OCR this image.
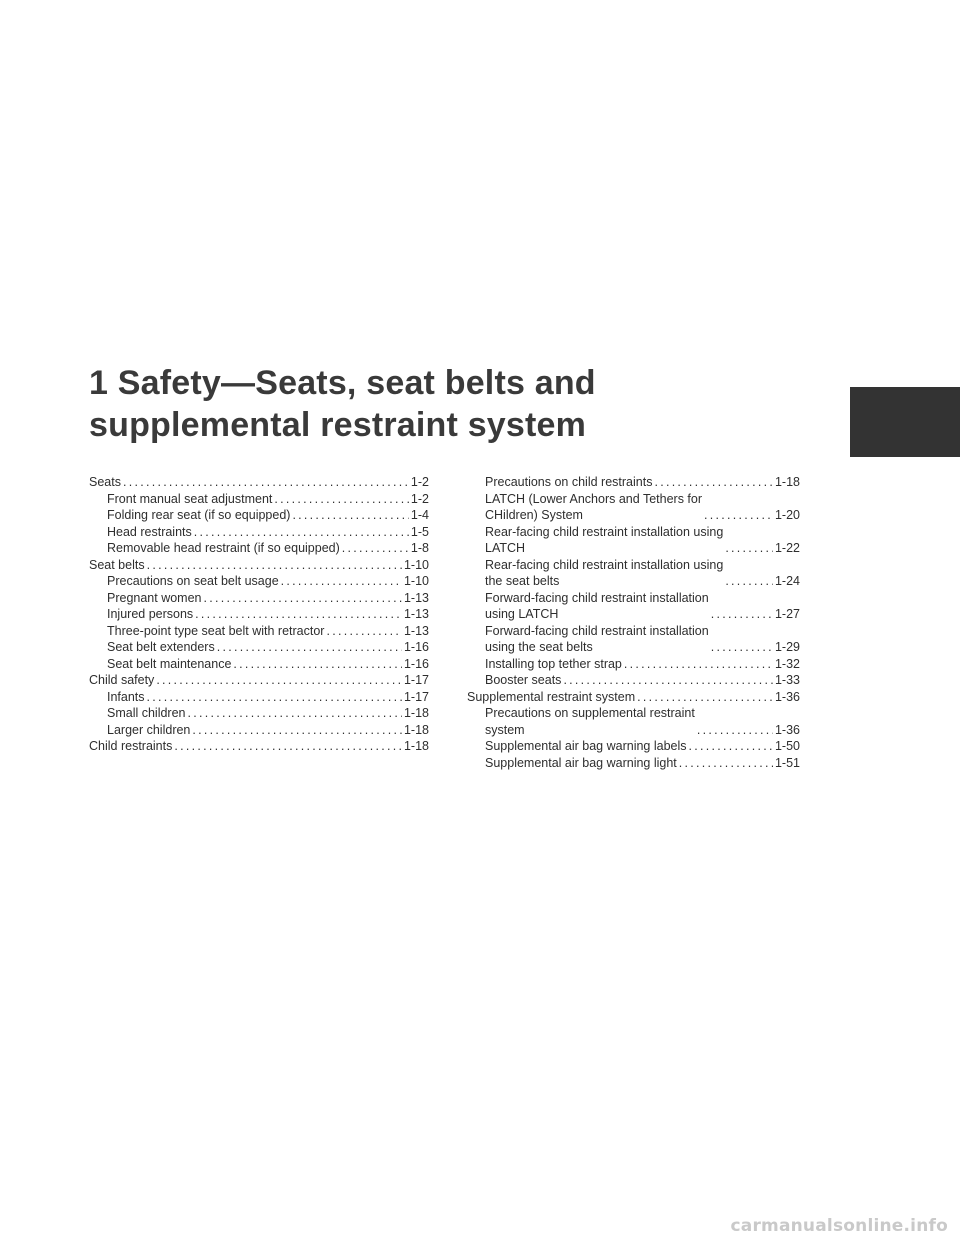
1 Safety—Seats, seat belts and
supplemental restraint system
Seats . . .	1-2
Front manual seat adjustment . . .	1-2
Folding rear seat (if so equipped) . . .	1-4
Head restraints . . .	1-5
Removable head restraint (if so equipped) . . .	1-8
Seat belts . . .	1-10
Precautions on seat belt usage . . .	1-10
Pregnant women . . .	1-13
Injured persons . . .	1-13
Three-point type seat belt with retractor . . .	1-13
Seat belt extenders . . .	1-16
Seat belt maintenance . . .	1-16
Child safety . . .	1-17
Infants . . .	1-17
Small children . . .	1-18
Larger children . . .	1-18
Child restraints . . .	1-18
Precautions on child restraints . . .	1-18
LATCH (Lower Anchors and Tethers for
CHildren) System . . .	1-20
Rear-facing child restraint installation using
LATCH . . .	1-22
Rear-facing child restraint installation using
the seat belts . . .	1-24
Forward-facing child restraint installation
using LATCH . . .	1-27
Forward-facing child restraint installation
using the seat belts . . .	1-29
Installing top tether strap . . .	1-32
Booster seats . . .	1-33
Supplemental restraint system . . .	1-36
Precautions on supplemental restraint
system . . .	1-36
Supplemental air bag warning labels . . .	1-50
Supplemental air bag warning light . . .	1-51
carmanualsonline.info
